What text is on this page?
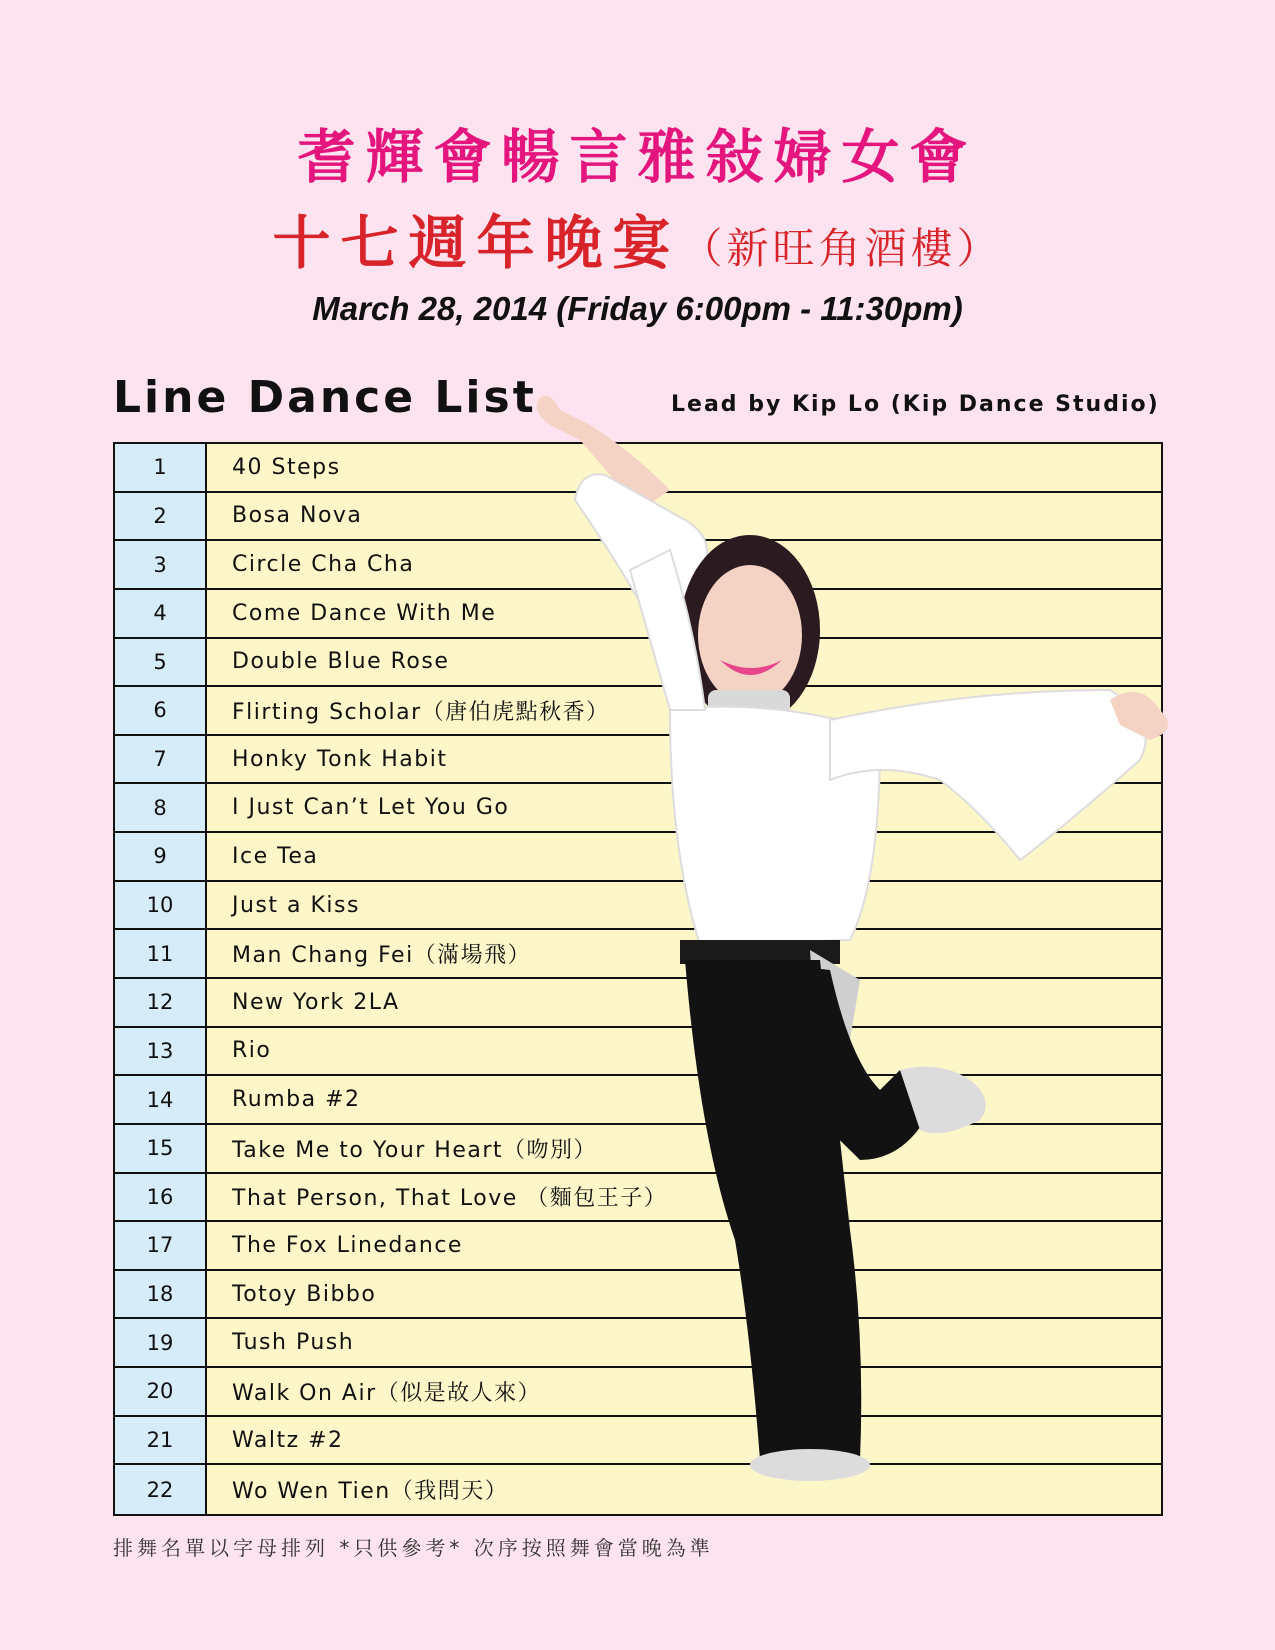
耆輝會暢言雅敍婦女會
十七週年晚宴（新旺角酒樓）
March 28, 2014 (Friday 6:00pm - 11:30pm)
Line Dance List	Lead by Kip Lo (Kip Dance Studio)
1	40 Steps
2	Bosa Nova
3	Circle Cha Cha
4	Come Dance With Me
5	Double Blue Rose
6	Flirting Scholar（唐伯虎點秋香）
7	Honky Tonk Habit
8	I Just Can’t Let You Go
9	Ice Tea
10	Just a Kiss
11	Man Chang Fei（滿場飛）
12	New York 2LA
13	Rio
14	Rumba #2
15	Take Me to Your Heart（吻別）
16	That Person, That Love （麵包王子）
17	The Fox Linedance
18	Totoy Bibbo
19	Tush Push
20	Walk On Air（似是故人來）
21	Waltz #2
22	Wo Wen Tien（我問天）
排舞名單以字母排列 *只供參考* 次序按照舞會當晚為準
